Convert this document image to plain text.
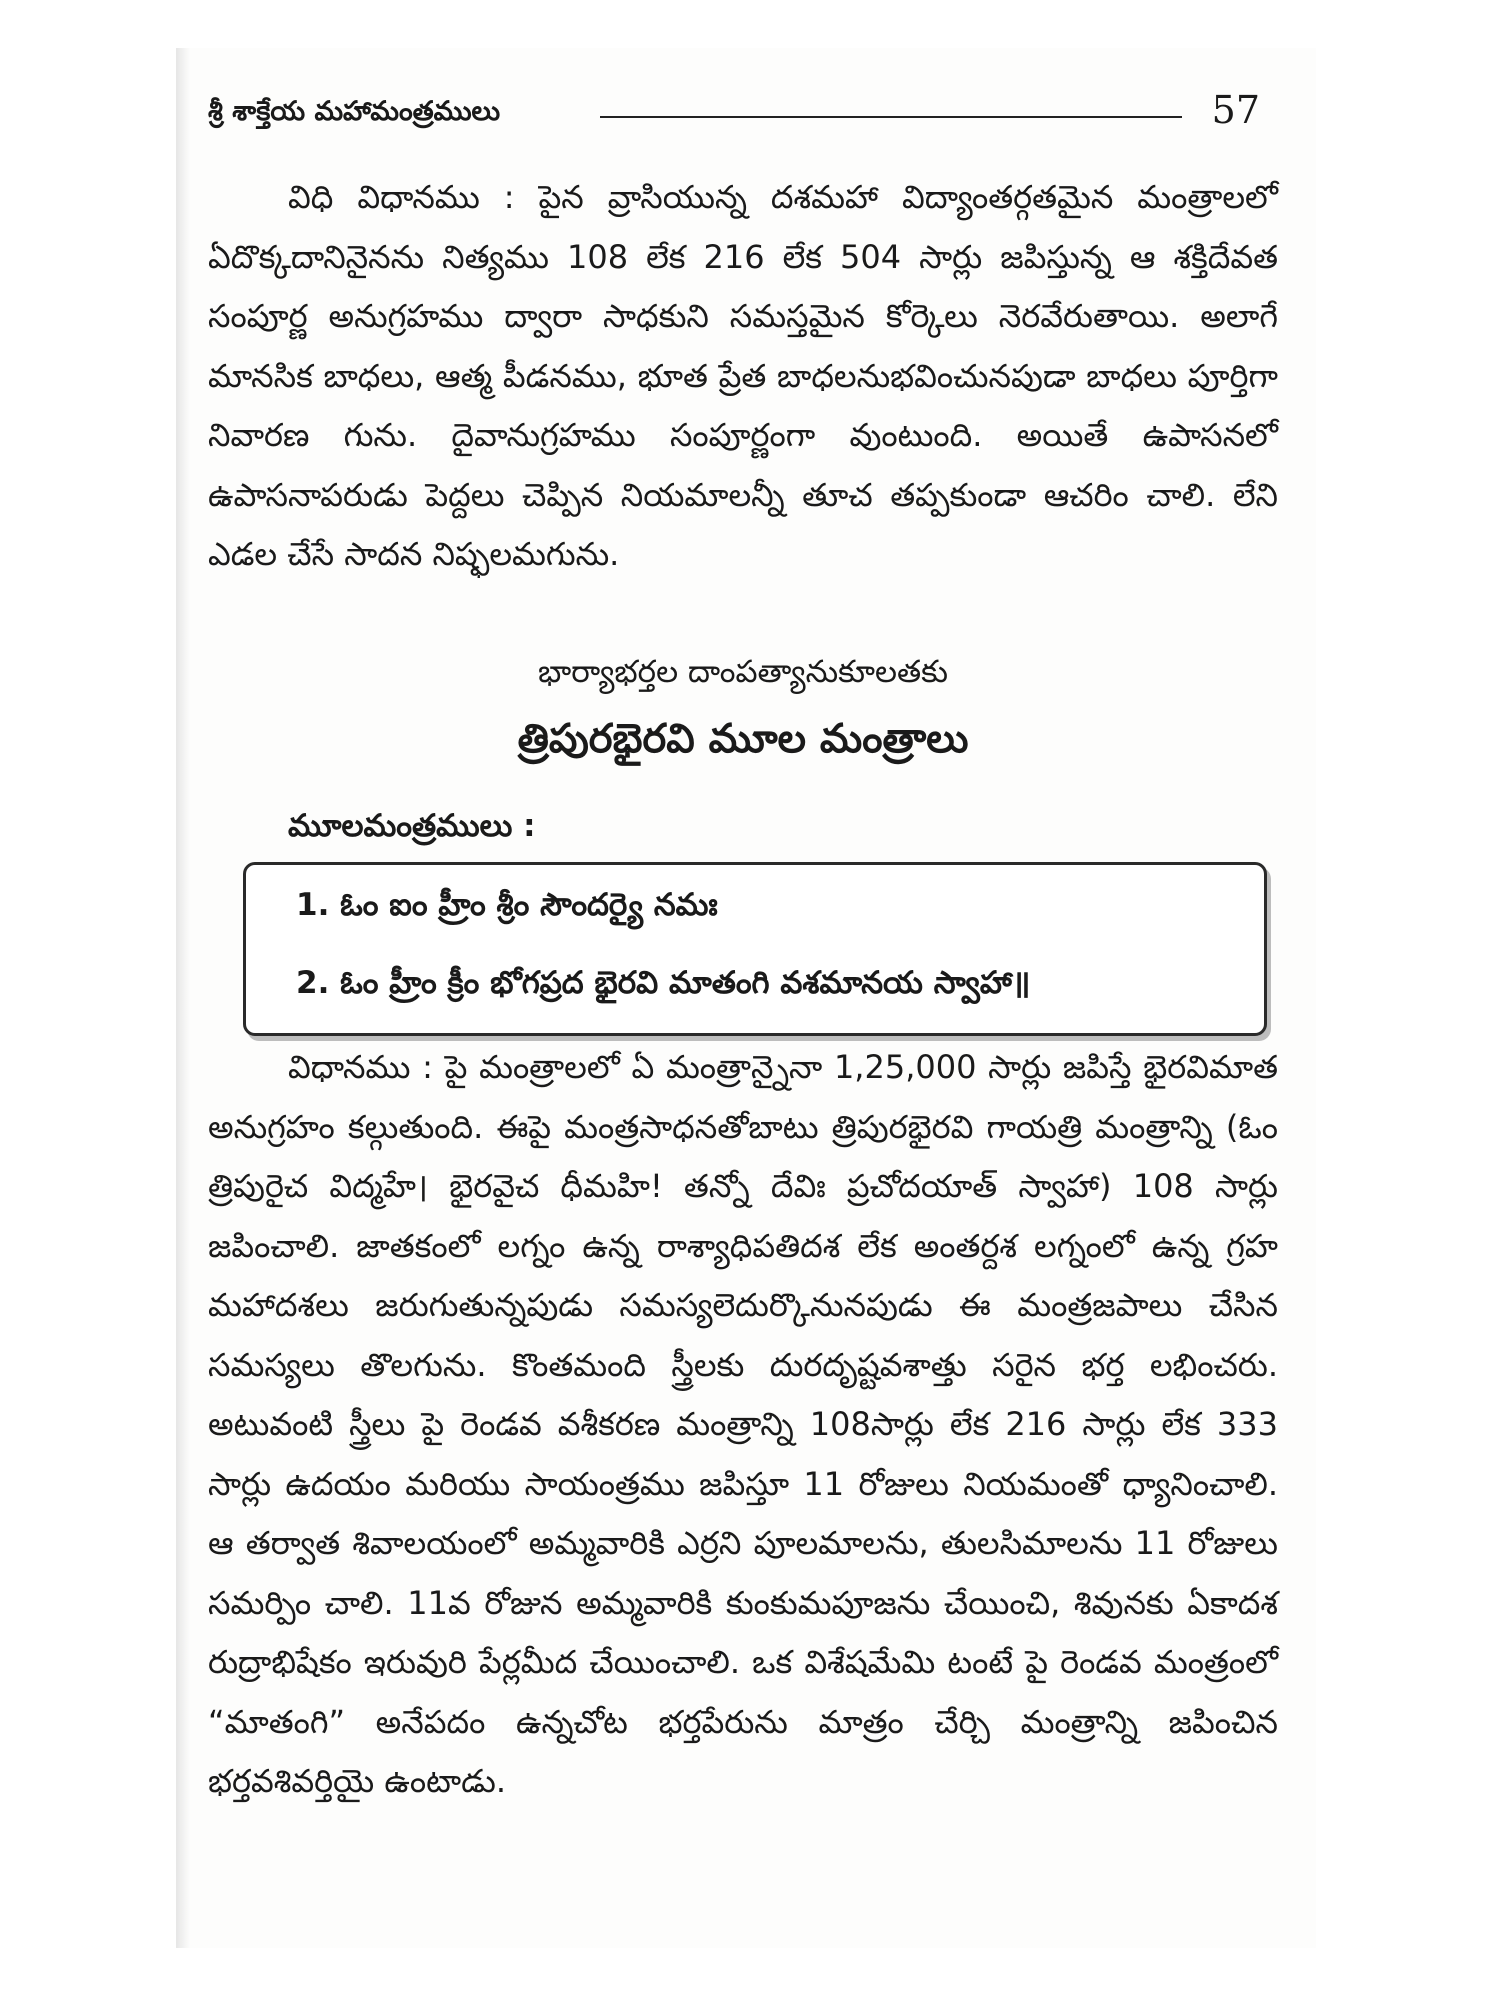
శ్రీ శాక్తేయ మహామంత్రములు	57

విధి విధానము : పైన వ్రాసియున్న దశమహా విద్యాంతర్గతమైన మంత్రాలలో ఏదొక్కదానినైనను నిత్యము 108 లేక 216 లేక 504 సార్లు జపిస్తున్న ఆ శక్తిదేవత సంపూర్ణ అనుగ్రహము ద్వారా సాధకుని సమస్తమైన కోర్కెలు నెరవేరుతాయి. అలాగే మానసిక బాధలు, ఆత్మ పీడనము, భూత ప్రేత బాధలనుభవించునపుడా బాధలు పూర్తిగా నివారణ గును. దైవానుగ్రహము సంపూర్ణంగా వుంటుంది. అయితే ఉపాసనలో ఉపాసనాపరుడు పెద్దలు చెప్పిన నియమాలన్నీ తూచ తప్పకుండా ఆచరిం చాలి. లేని ఎడల చేసే సాదన నిష్ఫలమగును.

భార్యాభర్తల దాంపత్యానుకూలతకు

త్రిపురభైరవి మూల మంత్రాలు

మూలమంత్రములు :

1. ఓం ఐం హ్రీం శ్రీం సౌందర్యై నమః

2. ఓం హ్రీం క్రీం భోగప్రద భైరవి మాతంగి వశమానయ స్వాహా॥

విధానము : పై మంత్రాలలో ఏ మంత్రాన్నైనా 1,25,000 సార్లు జపిస్తే భైరవిమాత అనుగ్రహం కల్గుతుంది. ఈపై మంత్రసాధనతోబాటు త్రిపురభైరవి గాయత్రి మంత్రాన్ని (ఓం త్రిపురైచ విద్మహే। భైరవైచ ధీమహి! తన్నో దేవిః ప్రచోదయాత్ స్వాహా) 108 సార్లు జపించాలి. జాతకంలో లగ్నం ఉన్న రాశ్యాధిపతిదశ లేక అంతర్దశ లగ్నంలో ఉన్న గ్రహ మహాదశలు జరుగుతున్నపుడు సమస్యలెదుర్కొనునపుడు ఈ మంత్రజపాలు చేసిన సమస్యలు తొలగును. కొంతమంది స్త్రీలకు దురదృష్టవశాత్తు సరైన భర్త లభించరు. అటువంటి స్త్రీలు పై రెండవ వశీకరణ మంత్రాన్ని 108సార్లు లేక 216 సార్లు లేక 333 సార్లు ఉదయం మరియు సాయంత్రము జపిస్తూ 11 రోజులు నియమంతో ధ్యానించాలి. ఆ తర్వాత శివాలయంలో అమ్మవారికి ఎర్రని పూలమాలను, తులసిమాలను 11 రోజులు సమర్పిం చాలి. 11వ రోజున అమ్మవారికి కుంకుమపూజను చేయించి, శివునకు ఏకాదశ రుద్రాభిషేకం ఇరువురి పేర్లమీద చేయించాలి. ఒక విశేషమేమి టంటే పై రెండవ మంత్రంలో “మాతంగి” అనేపదం ఉన్నచోట భర్తపేరును మాత్రం చేర్చి మంత్రాన్ని జపించిన భర్తవశివర్తియై ఉంటాడు.
